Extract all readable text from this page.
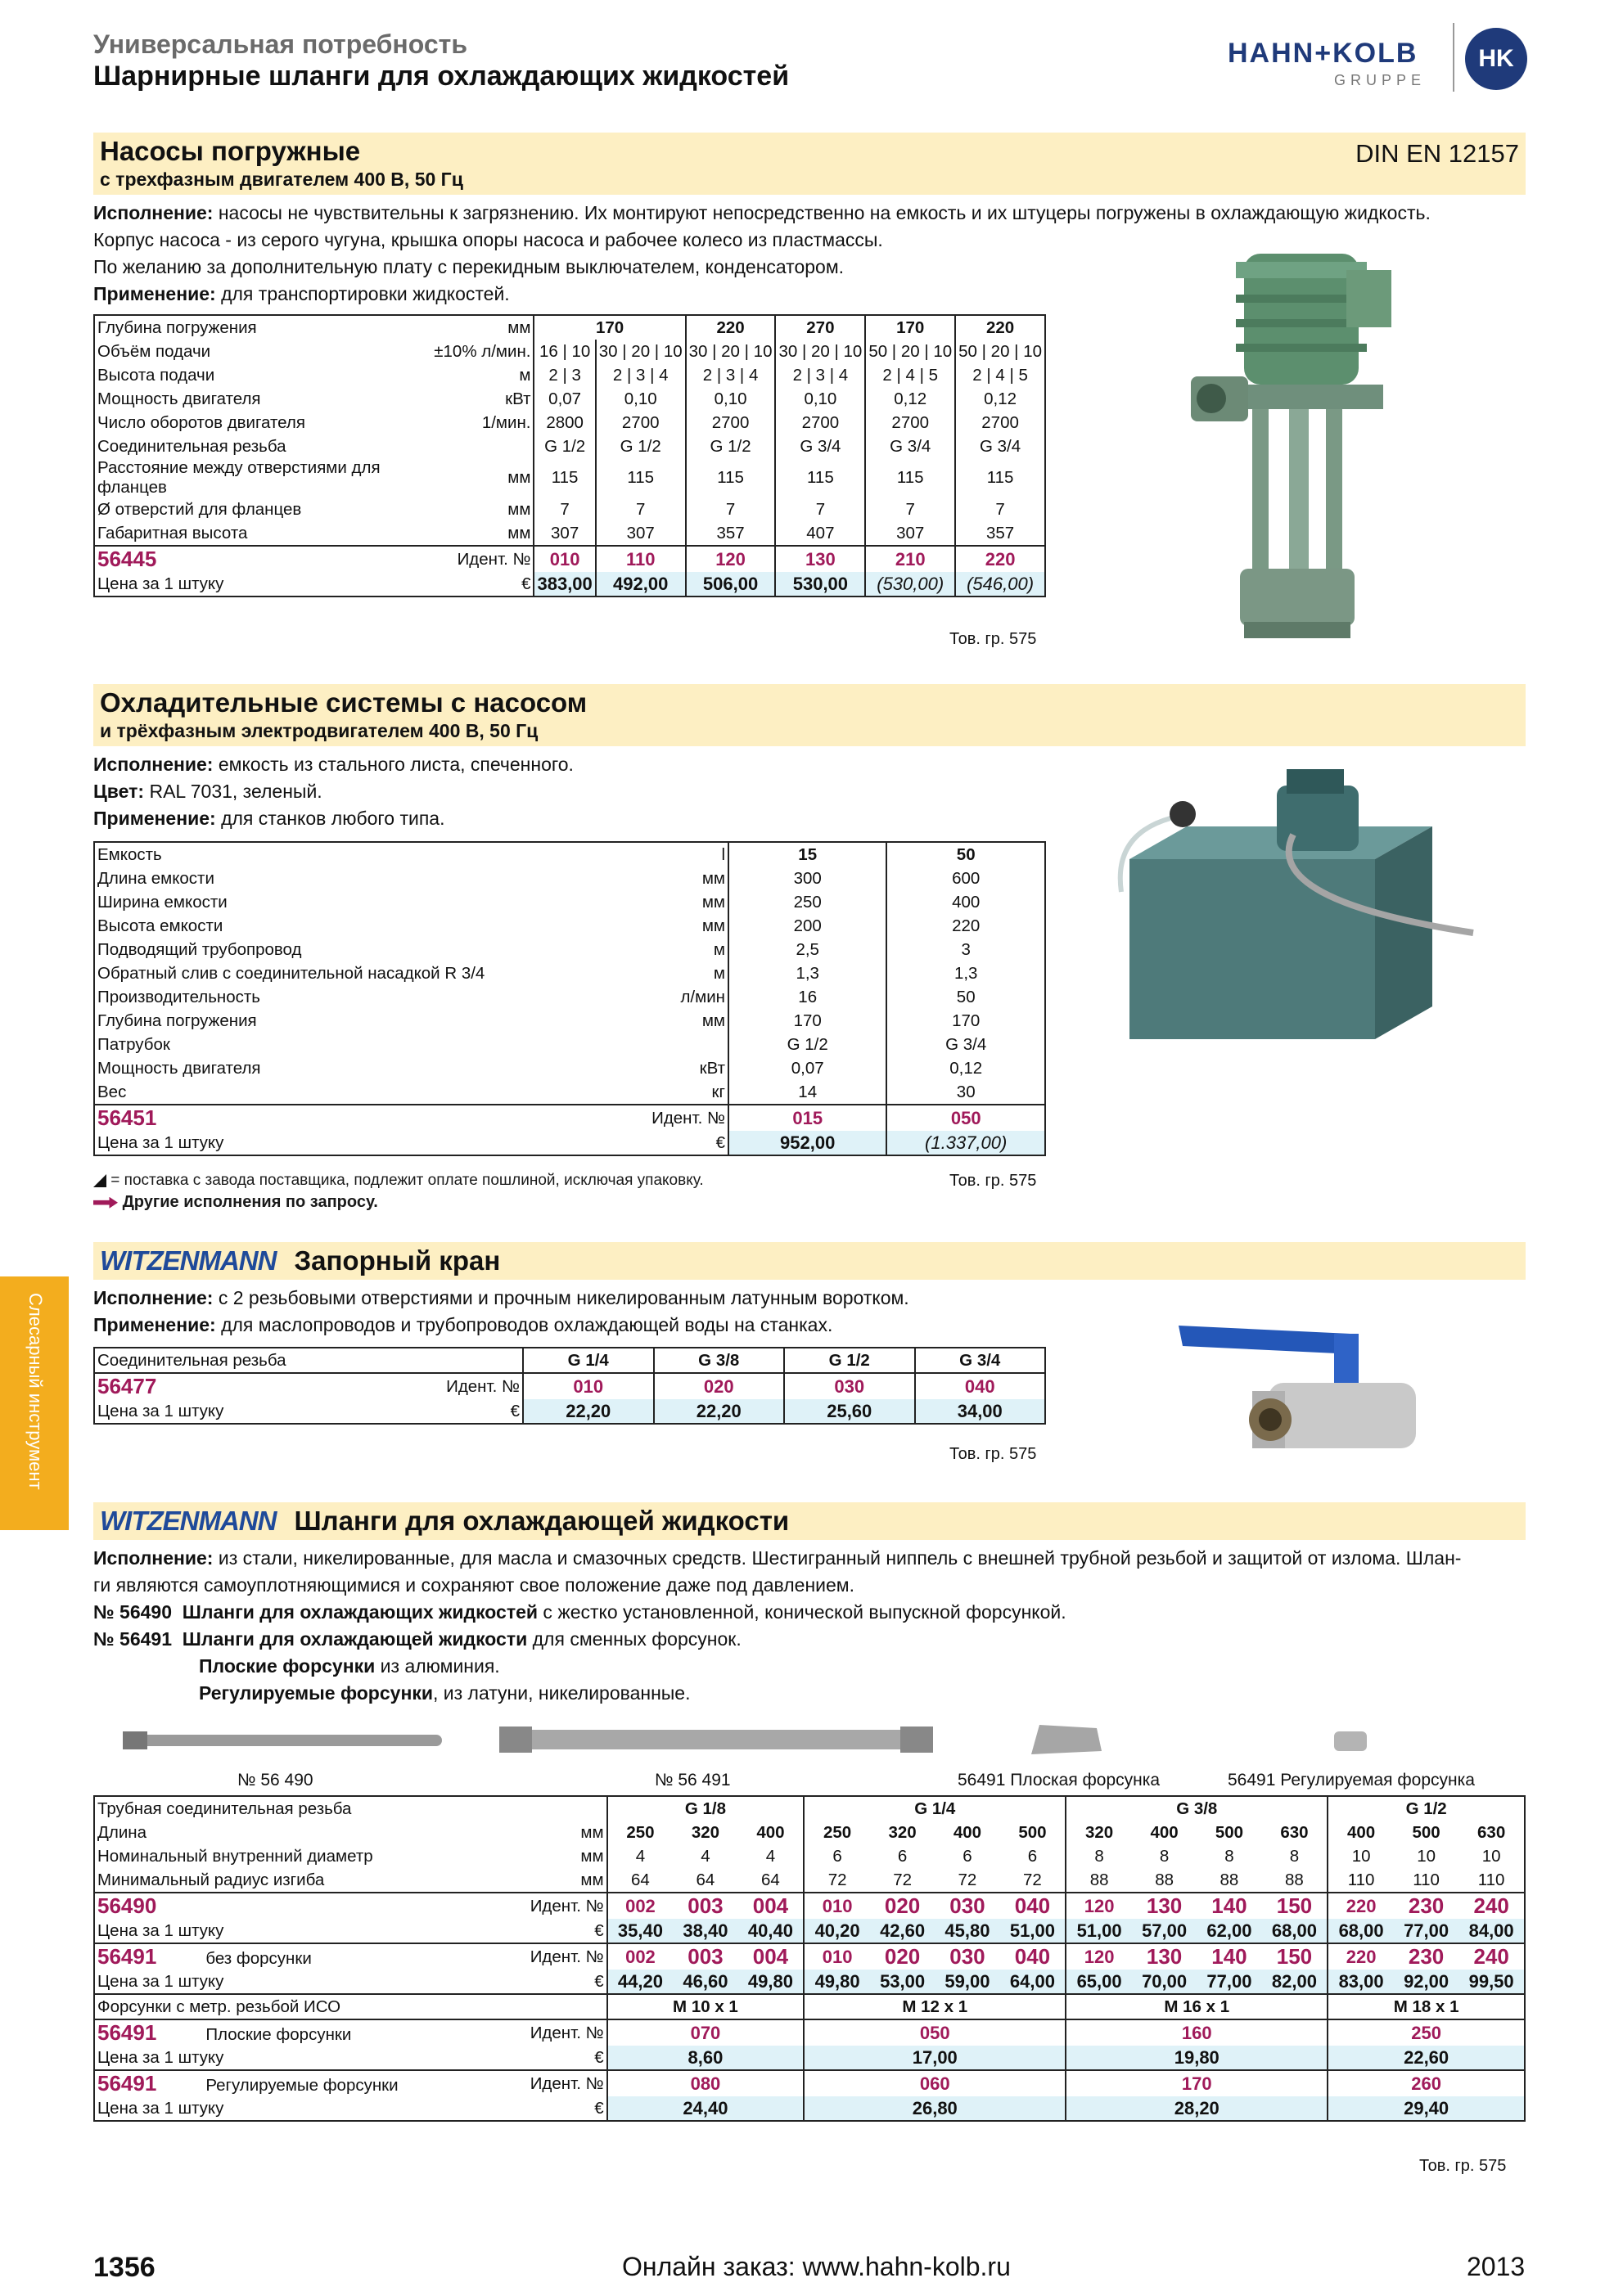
Универсальная потребность
Шарнирные шланги для охлаждающих жидкостей
HAHN+KOLB
GRUPPE
HK
Слесарный инструмент
Насосы погружные
с трехфазным двигателем 400 В, 50 Гц
DIN EN 12157
Исполнение: насосы не чувствительны к загрязнению. Их монтируют непосредственно на емкость и их штуцеры погружены в охлаждающую жидкость.
Корпус насоса - из серого чугуна, крышка опоры насоса и рабочее колесо из пластмассы.
По желанию за дополнительную плату с перекидным выключателем, конденсатором.
Применение: для транспортировки жидкостей.
Глубина погружения	мм	170		220	270	170	220
Объём подачи	±10% л/мин.	16 | 10	30 | 20 | 10	30 | 20 | 10	30 | 20 | 10	50 | 20 | 10	50 | 20 | 10
Высота подачи	м	2 | 3	2 | 3 | 4	2 | 3 | 4	2 | 3 | 4	2 | 4 | 5	2 | 4 | 5
Мощность двигателя	кВт	0,07	0,10	0,10	0,10	0,12	0,12
Число оборотов двигателя	1/мин.	2800	2700	2700	2700	2700	2700
Соединительная резьба		G 1/2	G 1/2	G 1/2	G 3/4	G 3/4	G 3/4

Расстояние между отверстиями для
фланцев	мм	115	115	115	115	115	115
Ø отверстий для фланцев	мм	7	7	7	7	7	7
Габаритная высота	мм	307	307	357	407	307	357
56445	Идент. №	010	110	120	130	210	220
Цена за 1 штуку	€	383,00	492,00	506,00	530,00	(530,00)	(546,00)
Тов. гр. 575
Охладительные системы с насосом
и трёхфазным электродвигателем 400 В, 50 Гц
Исполнение: емкость из стального листа, спеченного.
Цвет: RAL 7031, зеленый.
Применение: для станков любого типа.
Емкость	l	15	50
Длина емкости	мм	300	600
Ширина емкости	мм	250	400
Высота емкости	мм	200	220
Подводящий трубопровод	м	2,5	3
Обратный слив с соединительной насадкой R 3/4	м	1,3	1,3
Производительность	л/мин	16	50
Глубина погружения	мм	170	170
Патрубок		G 1/2	G 3/4
Мощность двигателя	кВт	0,07	0,12
Вес	кг	14	30
56451	Идент. №	015	050
Цена за 1 штуку	€	952,00	(1.337,00)
= поставка с завода поставщика, подлежит оплате пошлиной, исключая упаковку.	Тов. гр. 575
Другие исполнения по запросу.
WITZENMANN Запорный кран
Исполнение: с 2 резьбовыми отверстиями и прочным никелированным латунным воротком.
Применение: для маслопроводов и трубопроводов охлаждающей воды на станках.
Соединительная резьба		G 1/4	G 3/8	G 1/2	G 3/4
56477	Идент. №	010	020	030	040
Цена за 1 штуку	€	22,20	22,20	25,60	34,00
Тов. гр. 575
WITZENMANN Шланги для охлаждающей жидкости
Исполнение: из стали, никелированные, для масла и смазочных средств. Шестигранный ниппель с внешней трубной резьбой и защитой от излома. Шлан-
ги являются самоуплотняющимися и сохраняют свое положение даже под давлением.
№ 56490 Шланги для охлаждающих жидкостей с жестко установленной, конической выпускной форсункой.
№ 56491 Шланги для охлаждающей жидкости для сменных форсунок.
Плоские форсунки из алюминия.
Регулируемые форсунки, из латуни, никелированные.
№ 56 490	№ 56 491	56491 Плоская форсунка	56491 Регулируемая форсунка
Трубная соединительная резьба		G 1/8			G 1/4				G 3/8				G 1/2		
Длина	мм	250	320	400	250	320	400	500	320	400	500	630	400	500	630
Номинальный внутренний диаметр	мм	4	4	4	6	6	6	6	8	8	8	8	10	10	10
Минимальный радиус изгиба	мм	64	64	64	72	72	72	72	88	88	88	88	110	110	110
56490	Идент. №	002	003	004	010	020	030	040	120	130	140	150	220	230	240
Цена за 1 штуку	€	35,40	38,40	40,40	40,20	42,60	45,80	51,00	51,00	57,00	62,00	68,00	68,00	77,00	84,00
56491 без форсунки	Идент. №	002	003	004	010	020	030	040	120	130	140	150	220	230	240
Цена за 1 штуку	€	44,20	46,60	49,80	49,80	53,00	59,00	64,00	65,00	70,00	77,00	82,00	83,00	92,00	99,50
Форсунки с метр. резьбой ИСО		M 10 x 1			M 12 x 1				M 16 x 1				M 18 x 1		
56491 Плоские форсунки	Идент. №	070			050				160				250		
Цена за 1 штуку	€	8,60			17,00				19,80				22,60		
56491 Регулируемые форсунки	Идент. №	080			060				170				260		
Цена за 1 штуку	€	24,40			26,80				28,20				29,40		
Тов. гр. 575
1356	Онлайн заказ: www.hahn-kolb.ru	2013
